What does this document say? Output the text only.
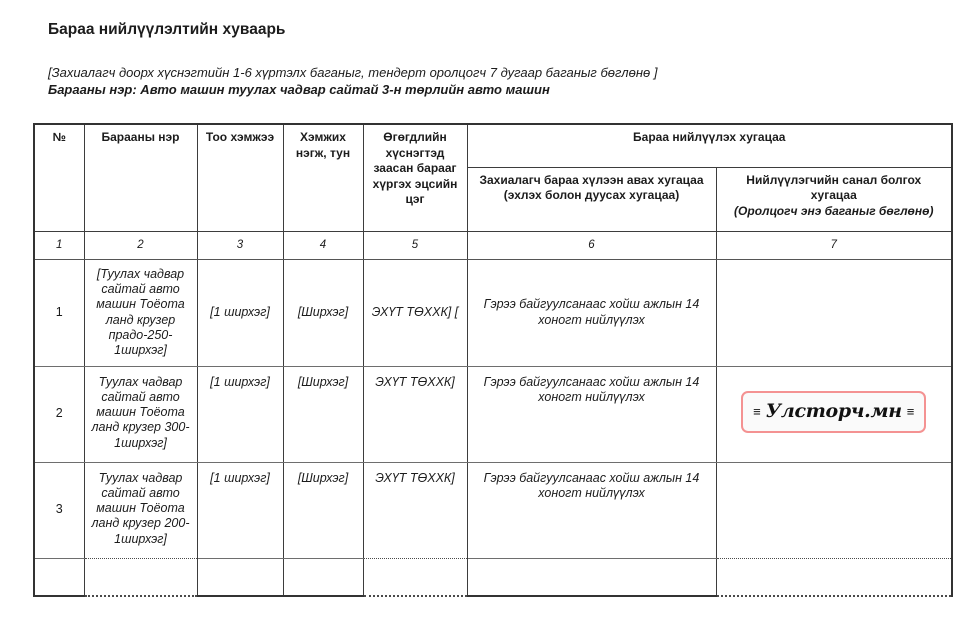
Бараа нийлүүлэлтийн хуваарь
[Захиалагч доорх хүснэгтийн 1-6 хүртэлх баганыг, тендерт оролцогч 7 дугаар баганыг бөглөнө ]
Барааны нэр: Авто машин туулах чадвар сайтай 3-н төрлийн авто машин
№	Барааны нэр	Тоо хэмжээ	Хэмжих нэгж, тун	Өгөгдлийн хүснэгтэд заасан барааг хүргэх эцсийн цэг	Бараа нийлүүлэх хугацаа	
					Захиалагч бараа хүлээн авах хугацаа (эхлэх болон дуусах хугацаа)	Нийлүүлэгчийн санал болгох
хугацаа
(Оролцогч энэ баганыг бөглөнө)

1	2	3	4	5	6	7
1	[Туулах чадвар сайтай авто машин Тоёота ланд крузер прадо-250- 1ширхэг]	[1 ширхэг]	[Ширхэг]	ЭХҮТ ТӨХХК] [	Гэрээ байгуулсанаас хойш ажлын 14 хоногт нийлүүлэх	
2	Туулах чадвар сайтай авто машин Тоёота ланд крузер 300- 1ширхэг]	[1 ширхэг]	[Ширхэг]	ЭХҮТ ТӨХХК]	Гэрээ байгуулсанаас хойш ажлын 14 хоногт нийлүүлэх	≡ Улсторч.мн ≡

3	Туулах чадвар сайтай авто машин Тоёота ланд крузер 200- 1ширхэг]	[1 ширхэг]	[Ширхэг]	ЭХҮТ ТӨХХК]	Гэрээ байгуулсанаас хойш ажлын 14 хоногт нийлүүлэх	
